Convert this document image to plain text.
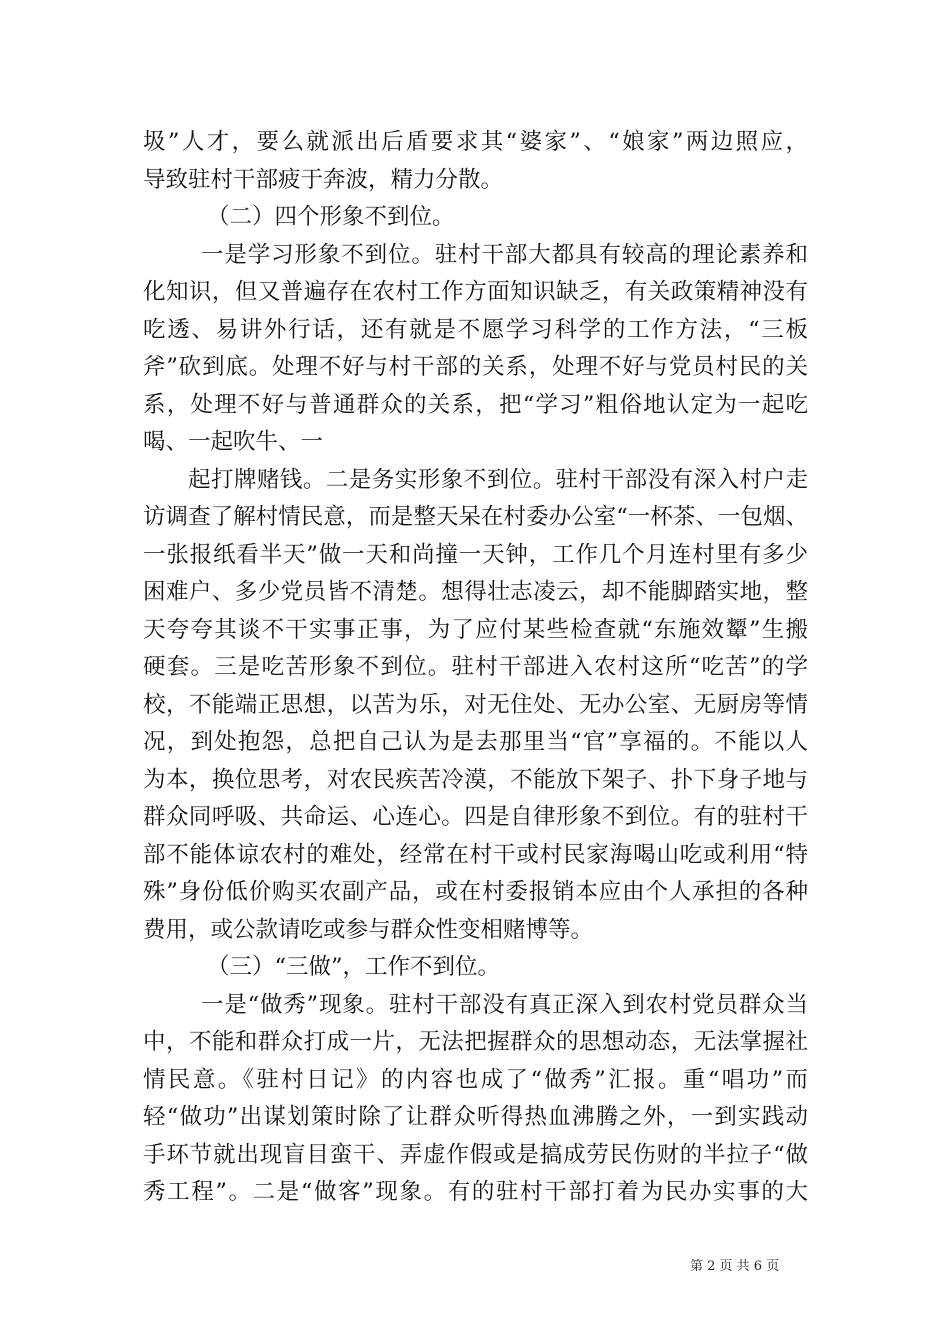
圾”人才，要么就派出后盾要求其“婆家”、“娘家”两边照应，
导致驻村干部疲于奔波，精力分散。
（二）四个形象不到位。
一是学习形象不到位。驻村干部大都具有较高的理论素养和
化知识，但又普遍存在农村工作方面知识缺乏，有关政策精神没有
吃透、易讲外行话，还有就是不愿学习科学的工作方法，“三板
斧”砍到底。处理不好与村干部的关系，处理不好与党员村民的关
系，处理不好与普通群众的关系，把“学习”粗俗地认定为一起吃
喝、一起吹牛、一
起打牌赌钱。二是务实形象不到位。驻村干部没有深入村户走
访调查了解村情民意，而是整天呆在村委办公室“一杯茶、一包烟、
一张报纸看半天”做一天和尚撞一天钟，工作几个月连村里有多少
困难户、多少党员皆不清楚。想得壮志凌云，却不能脚踏实地，整
天夸夸其谈不干实事正事，为了应付某些检查就“东施效颦”生搬
硬套。三是吃苦形象不到位。驻村干部进入农村这所“吃苦”的学
校，不能端正思想，以苦为乐，对无住处、无办公室、无厨房等情
况，到处抱怨，总把自己认为是去那里当“官”享福的。不能以人
为本，换位思考，对农民疾苦冷漠，不能放下架子、扑下身子地与
群众同呼吸、共命运、心连心。四是自律形象不到位。有的驻村干
部不能体谅农村的难处，经常在村干或村民家海喝山吃或利用“特
殊”身份低价购买农副产品，或在村委报销本应由个人承担的各种
费用，或公款请吃或参与群众性变相赌博等。
（三）“三做”，工作不到位。
一是“做秀”现象。驻村干部没有真正深入到农村党员群众当
中，不能和群众打成一片，无法把握群众的思想动态，无法掌握社
情民意。《驻村日记》的内容也成了“做秀”汇报。重“唱功”而
轻“做功”出谋划策时除了让群众听得热血沸腾之外，一到实践动
手环节就出现盲目蛮干、弄虚作假或是搞成劳民伤财的半拉子“做
秀工程”。二是“做客”现象。有的驻村干部打着为民办实事的大
第 2 页 共 6 页
